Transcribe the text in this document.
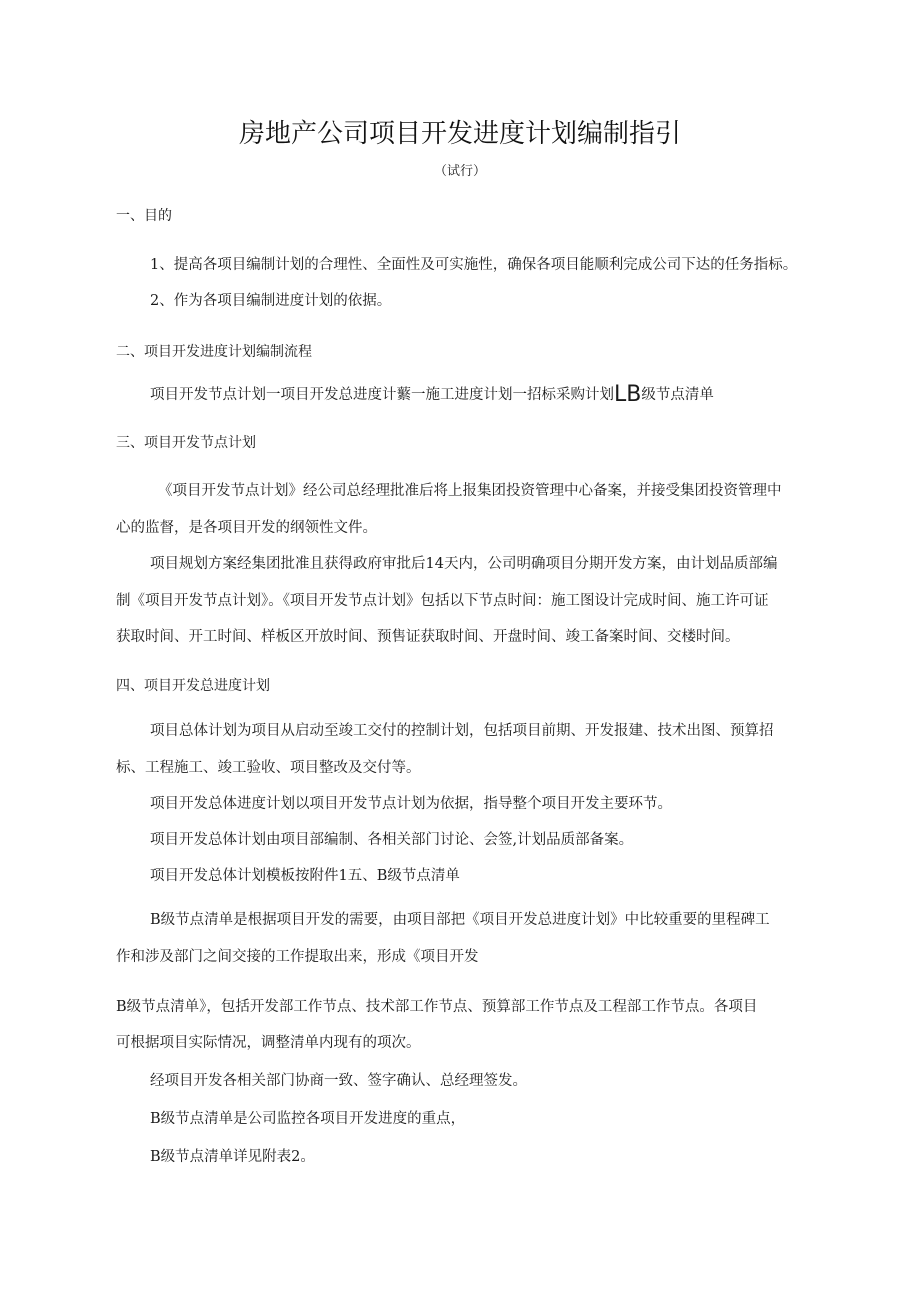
房地产公司项目开发进度计划编制指引
（试行）
一、目的
1、提高各项目编制计划的合理性、全面性及可实施性，确保各项目能顺利完成公司下达的任务指标。
2、作为各项目编制进度计划的依据。
二、项目开发进度计划编制流程
项目开发节点计划一项目开发总进度计蘩一施工进度计划一招标采购计划LB级节点清单
三、项目开发节点计划
《项目开发节点计划》经公司总经理批准后将上报集团投资管理中心备案，并接受集团投资管理中
心的监督，是各项目开发的纲领性文件。
项目规划方案经集团批准且获得政府审批后14天内，公司明确项目分期开发方案，由计划品质部编
制《项目开发节点计划》。《项目开发节点计划》包括以下节点时间：施工图设计完成时间、施工许可证
获取时间、开工时间、样板区开放时间、预售证获取时间、开盘时间、竣工备案时间、交楼时间。
四、项目开发总进度计划
项目总体计划为项目从启动至竣工交付的控制计划，包括项目前期、开发报建、技术出图、预算招
标、工程施工、竣工验收、项目整改及交付等。
项目开发总体进度计划以项目开发节点计划为依据，指导整个项目开发主要环节。
项目开发总体计划由项目部编制、各相关部门讨论、会签,计划品质部备案。
项目开发总体计划模板按附件1五、B级节点清单
B级节点清单是根据项目开发的需要，由项目部把《项目开发总进度计划》中比较重要的里程碑工
作和涉及部门之间交接的工作提取出来，形成《项目开发
B级节点清单》，包括开发部工作节点、技术部工作节点、预算部工作节点及工程部工作节点。各项目
可根据项目实际情况，调整清单内现有的项次。
经项目开发各相关部门协商一致、签字确认、总经理签发。
B级节点清单是公司监控各项目开发进度的重点，
B级节点清单详见附表2。
